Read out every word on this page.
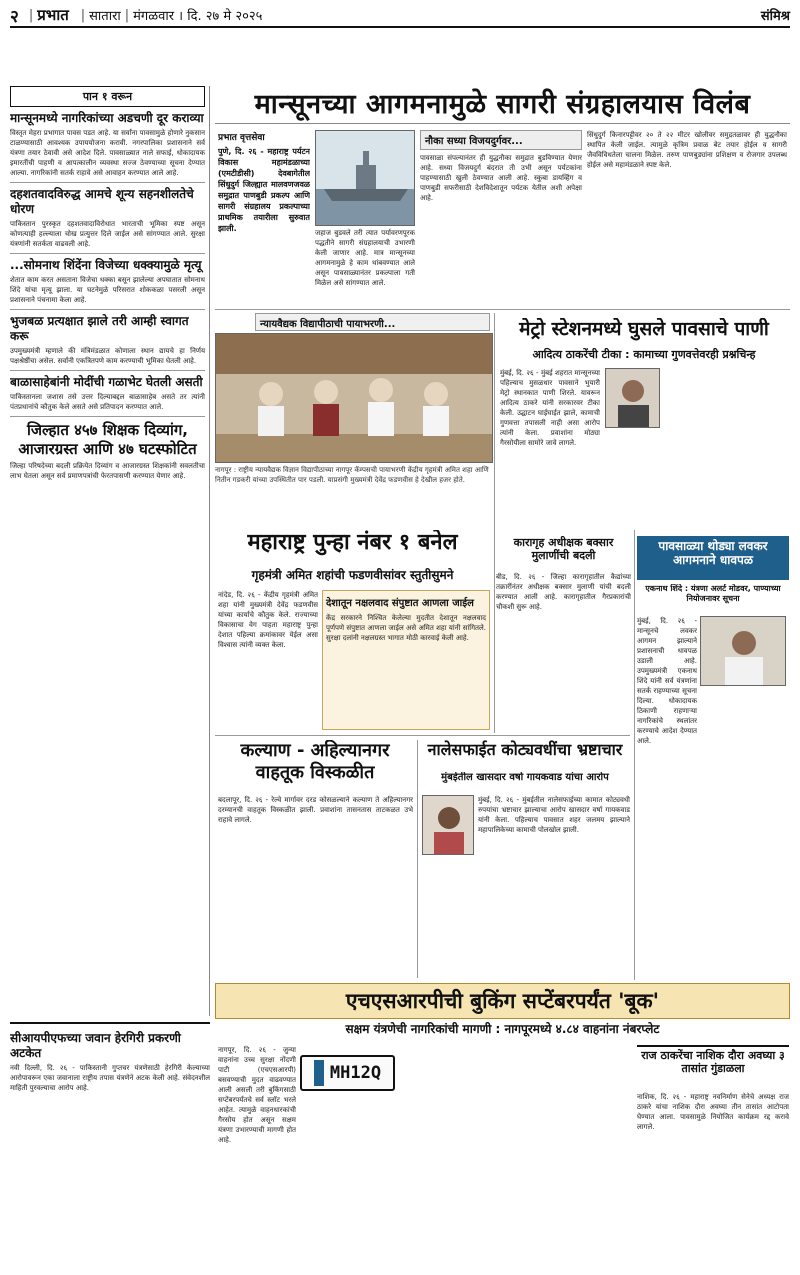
२ | प्रभात | सातारा | मंगळवार । दि. २७ मे २०२५	संमिश्र
पान १ वरून
मान्सूनमध्ये नागरिकांच्या अडचणी दूर कराव्या
विस्तृत मेहरा प्रभागात पावस पडत आहे. या सर्वांना पावसामुळे होणारे नुकसान टाळण्यासाठी आवश्यक उपाययोजना करावी. नगरपालिका प्रशासनाने सर्व यंत्रणा तयार ठेवावी असे आदेश दिले. पावसाळ्यात नाले सफाई, धोकादायक इमारतींची पाहणी व आपत्कालीन व्यवस्था सज्ज ठेवण्याच्या सूचना देण्यात आल्या. नागरिकांनी सतर्क राहावे असे आवाहन करण्यात आले आहे.
दहशतवादविरुद्ध आमचे शून्य सहनशीलतेचे धोरण
पाकिस्तान पुरस्कृत दहशतवादाविरोधात भारताची भूमिका स्पष्ट असून कोणत्याही हल्ल्याला चोख प्रत्युत्तर दिले जाईल असे सांगण्यात आले. सुरक्षा यंत्रणांनी सतर्कता वाढवली आहे.
...सोमनाथ शिंदेंना विजेच्या धक्क्यामुळे मृत्यू
शेतात काम करत असताना विजेचा धक्का बसून झालेल्या अपघातात सोमनाथ शिंदे यांचा मृत्यू झाला. या घटनेमुळे परिसरात शोककळा पसरली असून प्रशासनाने पंचनामा केला आहे.
भुजबळ प्रत्यक्षात झाले तरी आम्ही स्वागत करू
उपमुख्यमंत्री म्हणाले की मंत्रिमंडळात कोणाला स्थान द्यायचे हा निर्णय पक्षश्रेष्ठींचा असेल. सर्वांनी एकत्रितपणे काम करण्याची भूमिका घेतली आहे.
बाळासाहेबांनी मोदींची गळाभेट घेतली असती
पाकिस्तानला जशास तसे उत्तर दिल्याबद्दल बाळासाहेब असते तर त्यांनी पंतप्रधानांचे कौतुक केले असते असे प्रतिपादन करण्यात आले.
जिल्हात ४५७ शिक्षक दिव्यांग, आजारग्रस्त आणि ४७ घटस्फोटित
जिल्हा परिषदेच्या बदली प्रक्रियेत दिव्यांग व आजारग्रस्त शिक्षकांनी सवलतीचा लाभ घेतला असून सर्व प्रमाणपत्रांची फेरतपासणी करण्यात येणार आहे.
सीआयपीएफच्या जवान हेरगिरी प्रकरणी अटकेत
नवी दिल्ली, दि. २६ - पाकिस्तानी गुप्तचर यंत्रणेसाठी हेरगिरी केल्याच्या आरोपावरून एका जवानाला राष्ट्रीय तपास यंत्रणेने अटक केली आहे. संवेदनशील माहिती पुरवल्याचा आरोप आहे.
मान्सूनच्या आगमनामुळे सागरी संग्रहालयास विलंब
प्रभात वृत्तसेवा
पुणे, दि. २६ - महाराष्ट्र पर्यटन विकास महामंडळाच्या (एमटीडीसी) देवबागेतील सिंधुदुर्ग जिल्ह्यात मालवणजवळ समुद्रात पाणबुडी प्रकल्प आणि सागरी संग्रहालय प्रकल्पाच्या प्राथमिक तयारीला सुरुवात झाली.	जहाज बुडवले तरी त्यात पर्यावरणपूरक पद्धतीने सागरी संग्रहालयाची उभारणी केली जाणार आहे. मात्र मान्सूनच्या आगमनामुळे हे काम थांबवण्यात आले असून पावसाळ्यानंतर प्रकल्पाला गती मिळेल असे सांगण्यात आले.
नौका सध्या विजयदुर्गवर...
पावसाळा संपल्यानंतर ही युद्धनौका समुद्रात बुडविण्यात येणार आहे. सध्या विजयदुर्ग बंदरात ती उभी असून पर्यटकांना पाहण्यासाठी खुली ठेवण्यात आली आहे. स्कुबा डायव्हिंग व पाणबुडी सफरीसाठी देशविदेशातून पर्यटक येतील अशी अपेक्षा आहे.
सिंधुदुर्ग किनारपट्टीवर २० ते २२ मीटर खोलीवर समुद्रतळावर ही युद्धनौका स्थापित केली जाईल. त्यामुळे कृत्रिम प्रवाळ बेट तयार होईल व सागरी जैवविविधतेला चालना मिळेल. तरुण पाणबुड्यांना प्रशिक्षण व रोजगार उपलब्ध होईल असे महामंडळाने स्पष्ट केले.
न्यायवैद्यक विद्यापीठाची पायाभरणी...
नागपूर : राष्ट्रीय न्यायवैद्यक विज्ञान विद्यापीठाच्या नागपूर कॅम्पसची पायाभरणी केंद्रीय गृहमंत्री अमित शहा आणि नितीन गडकरी यांच्या उपस्थितीत पार पडली. याप्रसंगी मुख्यमंत्री देवेंद्र फडणवीस हे देखील हजर होते.
मेट्रो स्टेशनमध्ये घुसले पावसाचे पाणी
आदित्य ठाकरेंची टीका : कामाच्या गुणवत्तेवरही प्रश्नचिन्ह
मुंबई, दि. २६ - मुंबई शहरात मान्सूनच्या पहिल्याच मुसळधार पावसाने भुयारी मेट्रो स्थानकात पाणी शिरले. यावरून आदित्य ठाकरे यांनी सरकारवर टीका केली. उद्घाटन घाईघाईत झाले, कामाची गुणवत्ता तपासली नाही असा आरोप त्यांनी केला. प्रवाशांना मोठ्या गैरसोयीला सामोरे जावे लागले.
महाराष्ट्र पुन्हा नंबर १ बनेल
गृहमंत्री अमित शहांची फडणवीसांवर स्तुतीसुमने
नांदेड, दि. २६ - केंद्रीय गृहमंत्री अमित शहा यांनी मुख्यमंत्री देवेंद्र फडणवीस यांच्या कार्याचे कौतुक केले. राज्याच्या विकासाचा वेग पाहता महाराष्ट्र पुन्हा देशात पहिल्या क्रमांकावर येईल असा विश्वास त्यांनी व्यक्त केला.
देशातून नक्षलवाद संपुष्टात आणला जाईल
केंद्र सरकारने निश्चित केलेल्या मुदतीत देशातून नक्षलवाद पूर्णपणे संपुष्टात आणला जाईल असे अमित शहा यांनी सांगितले. सुरक्षा दलांनी नक्षलग्रस्त भागात मोठी कारवाई केली आहे.
कारागृह अधीक्षक बक्सार मुलाणींची बदली
बीड, दि. २६ - जिल्हा कारागृहातील कैद्यांच्या तक्रारींनंतर अधीक्षक बक्सार मुलाणी यांची बदली करण्यात आली आहे. कारागृहातील गैरप्रकारांची चौकशी सुरू आहे.
पावसाळ्या थोड्या लवकर आगमनाने धावपळ
एकनाथ शिंदे : यंत्रणा अलर्ट मोडवर, पाण्याच्या नियोजनावर सूचना
मुंबई, दि. २६ - मान्सूनचे लवकर आगमन झाल्याने प्रशासनाची धावपळ उडाली आहे. उपमुख्यमंत्री एकनाथ शिंदे यांनी सर्व यंत्रणांना सतर्क राहण्याच्या सूचना दिल्या. धोकादायक ठिकाणी राहणाऱ्या नागरिकांचे स्थलांतर करण्याचे आदेश देण्यात आले.
कल्याण - अहिल्यानगर वाहतूक विस्कळीत
बदलापूर, दि. २६ - रेल्वे मार्गावर दरड कोसळल्याने कल्याण ते अहिल्यानगर दरम्यानची वाहतूक विस्कळीत झाली. प्रवाशांना तासनतास ताटकळत उभे राहावे लागले.
नालेसफाईत कोट्यवधींचा भ्रष्टाचार
मुंबईतील खासदार वर्षा गायकवाड यांचा आरोप
मुंबई, दि. २६ - मुंबईतील नालेसफाईच्या कामात कोट्यवधी रुपयांचा भ्रष्टाचार झाल्याचा आरोप खासदार वर्षा गायकवाड यांनी केला. पहिल्याच पावसात शहर जलमय झाल्याने महापालिकेच्या कामाची पोलखोल झाली.
एचएसआरपीची बुकिंग सप्टेंबरपर्यंत 'बूक'
सक्षम यंत्रणेची नागरिकांची मागणी : नागपूरमध्ये ४.८४ वाहनांना नंबरप्लेट
नागपूर, दि. २६ - जुन्या वाहनांना उच्च सुरक्षा नोंदणी पाटी (एचएसआरपी) बसवण्याची मुदत वाढवण्यात आली असली तरी बुकिंगसाठी सप्टेंबरपर्यंतचे सर्व स्लॉट भरले आहेत. त्यामुळे वाहनधारकांची गैरसोय होत असून सक्षम यंत्रणा उभारण्याची मागणी होत आहे.
MH12Q
राज ठाकरेंचा नाशिक दौरा अवघ्या ३ तासांत गुंडाळला
नाशिक, दि. २६ - महाराष्ट्र नवनिर्माण सेनेचे अध्यक्ष राज ठाकरे यांचा नाशिक दौरा अवघ्या तीन तासांत आटोपता घेण्यात आला. पावसामुळे नियोजित कार्यक्रम रद्द करावे लागले.
